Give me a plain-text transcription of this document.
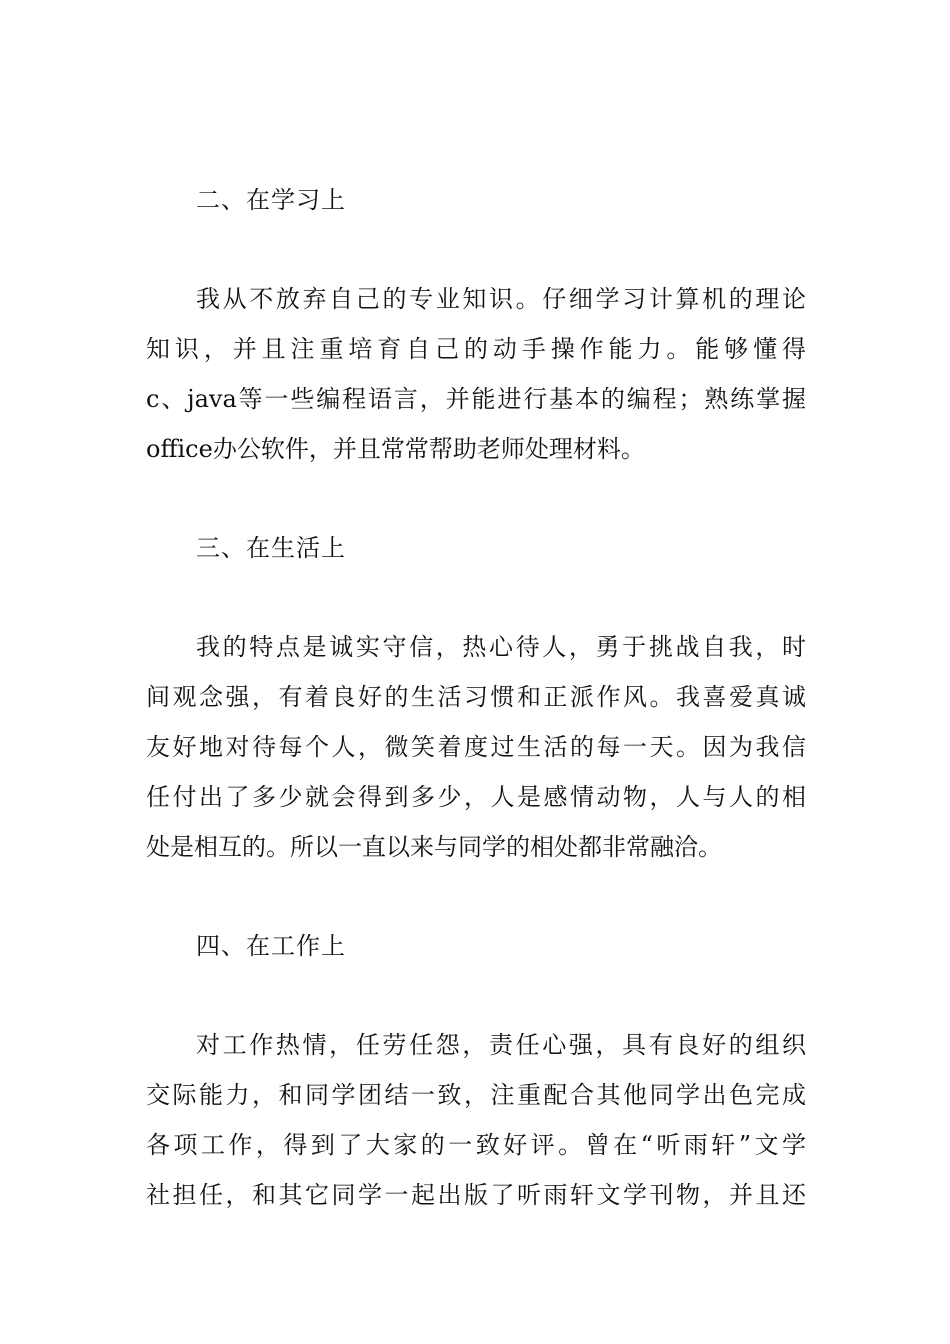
二、在学习上
我从不放弃自己的专业知识。仔细学习计算机的理论
知识，并且注重培育自己的动手操作能力。能够懂得
c、java等一些编程语言，并能进行基本的编程；熟练掌握
office办公软件，并且常常帮助老师处理材料。
三、在生活上
我的特点是诚实守信，热心待人，勇于挑战自我，时
间观念强，有着良好的生活习惯和正派作风。我喜爱真诚
友好地对待每个人，微笑着度过生活的每一天。因为我信
任付出了多少就会得到多少，人是感情动物，人与人的相
处是相互的。所以一直以来与同学的相处都非常融洽。
四、在工作上
对工作热情，任劳任怨，责任心强，具有良好的组织
交际能力，和同学团结一致，注重配合其他同学出色完成
各项工作，得到了大家的一致好评。曾在“听雨轩”文学
社担任，和其它同学一起出版了听雨轩文学刊物，并且还
